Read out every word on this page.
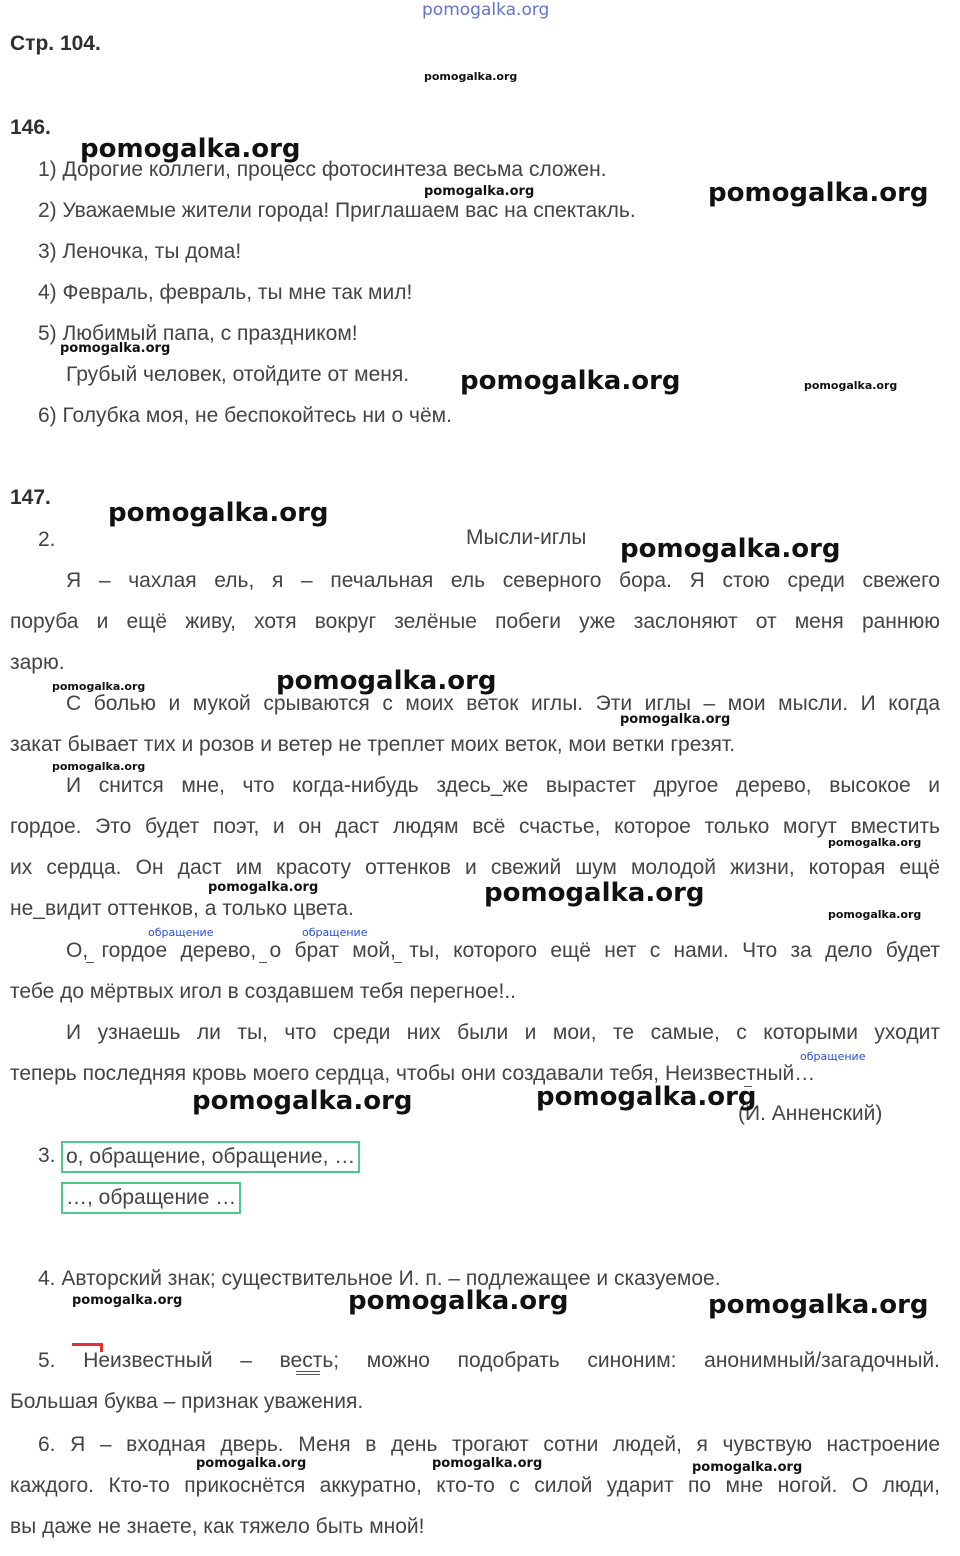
pomogalka.org
Стр. 104.
146.
1) Дорогие коллеги, процесс фотосинтеза весьма сложен.
2) Уважаемые жители города! Приглашаем вас на спектакль.
3) Леночка, ты дома!
4) Февраль, февраль, ты мне так мил!
5) Любимый папа, с праздником!
Грубый человек, отойдите от меня.
6) Голубка моя, не беспокойтесь ни о чём.
147.
2.	Мысли-иглы
Я – чахлая ель, я – печальная ель северного бора. Я стою среди свежего
поруба и ещё живу, хотя вокруг зелёные побеги уже заслоняют от меня раннюю
зарю.
С болью и мукой срываются с моих веток иглы. Эти иглы – мои мысли. И когда
закат бывает тих и розов и ветер не треплет моих веток, мои ветки грезят.
И снится мне, что когда-нибудь здесь_же вырастет другое дерево, высокое и
гордое. Это будет поэт, и он даст людям всё счастье, которое только могут вместить
их сердца. Он даст им красоту оттенков и свежий шум молодой жизни, которая ещё
не_видит оттенков, а только цвета.
обращение	обращение
О, гордое дерево, о брат мой, ты, которого ещё нет с нами. Что за дело будет
тебе до мёртвых игол в создавшем тебя перегное!..
обращение
И узнаешь ли ты, что среди них были и мои, те самые, с которыми уходит
теперь последняя кровь моего сердца, чтобы они создавали тебя, Неизвестный…
(И. Анненский)
3. о, обращение, обращение, …
…, обращение …
4. Авторский знак; существительное И. п. – подлежащее и сказуемое.
5. Неизвестный – весть; можно подобрать синоним: анонимный/загадочный.
Большая буква – признак уважения.
6. Я – входная дверь. Меня в день трогают сотни людей, я чувствую настроение
каждого. Кто-то прикоснётся аккуратно, кто-то с силой ударит по мне ногой. О люди,
вы даже не знаете, как тяжело быть мной!
pomogalka.org
pomogalka.org
pomogalka.org	pomogalka.org
pomogalka.org
pomogalka.org	pomogalka.org
pomogalka.org
pomogalka.org
pomogalka.org	pomogalka.org
pomogalka.org
pomogalka.org
pomogalka.org
pomogalka.org	pomogalka.org
pomogalka.org
pomogalka.org	pomogalka.org
pomogalka.org	pomogalka.org	pomogalka.org
pomogalka.org	pomogalka.org	pomogalka.org
